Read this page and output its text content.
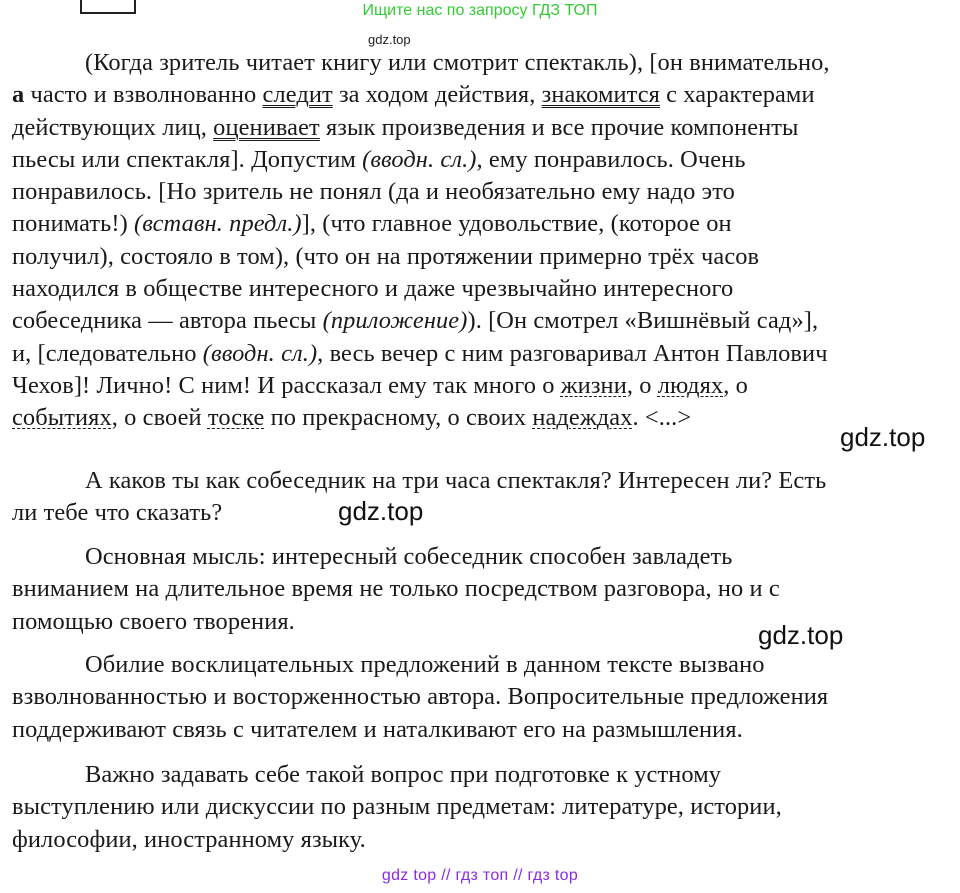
Ищите нас по запросу ГДЗ ТОП
gdz.top
(Когда зритель читает книгу или смотрит спектакль), [он внимательно,
а часто и взволнованно следит за ходом действия, знакомится с характерами
действующих лиц, оценивает язык произведения и все прочие компоненты
пьесы или спектакля]. Допустим (вводн. сл.), ему понравилось. Очень
понравилось. [Но зритель не понял (да и необязательно ему надо это
понимать!) (вставн. предл.)], (что главное удовольствие, (которое он
получил), состояло в том), (что он на протяжении примерно трёх часов
находился в обществе интересного и даже чрезвычайно интересного
собеседника — автора пьесы (приложение)). [Он смотрел «Вишнёвый сад»],
и, [следовательно (вводн. сл.), весь вечер с ним разговаривал Антон Павлович
Чехов]! Лично! С ним! И рассказал ему так много о жизни, о людях, о
событиях, о своей тоске по прекрасному, о своих надеждах. <...>
gdz.top
А каков ты как собеседник на три часа спектакля? Интересен ли? Есть
ли тебе что сказать?	gdz.top
Основная мысль: интересный собеседник способен завладеть
вниманием на длительное время не только посредством разговора, но и с
помощью своего творения.	gdz.top
Обилие восклицательных предложений в данном тексте вызвано
взволнованностью и восторженностью автора. Вопросительные предложения
поддерживают связь с читателем и наталкивают его на размышления.
Важно задавать себе такой вопрос при подготовке к устному
выступлению или дискуссии по разным предметам: литературе, истории,
философии, иностранному языку.
gdz top // гдз топ // гдз top
